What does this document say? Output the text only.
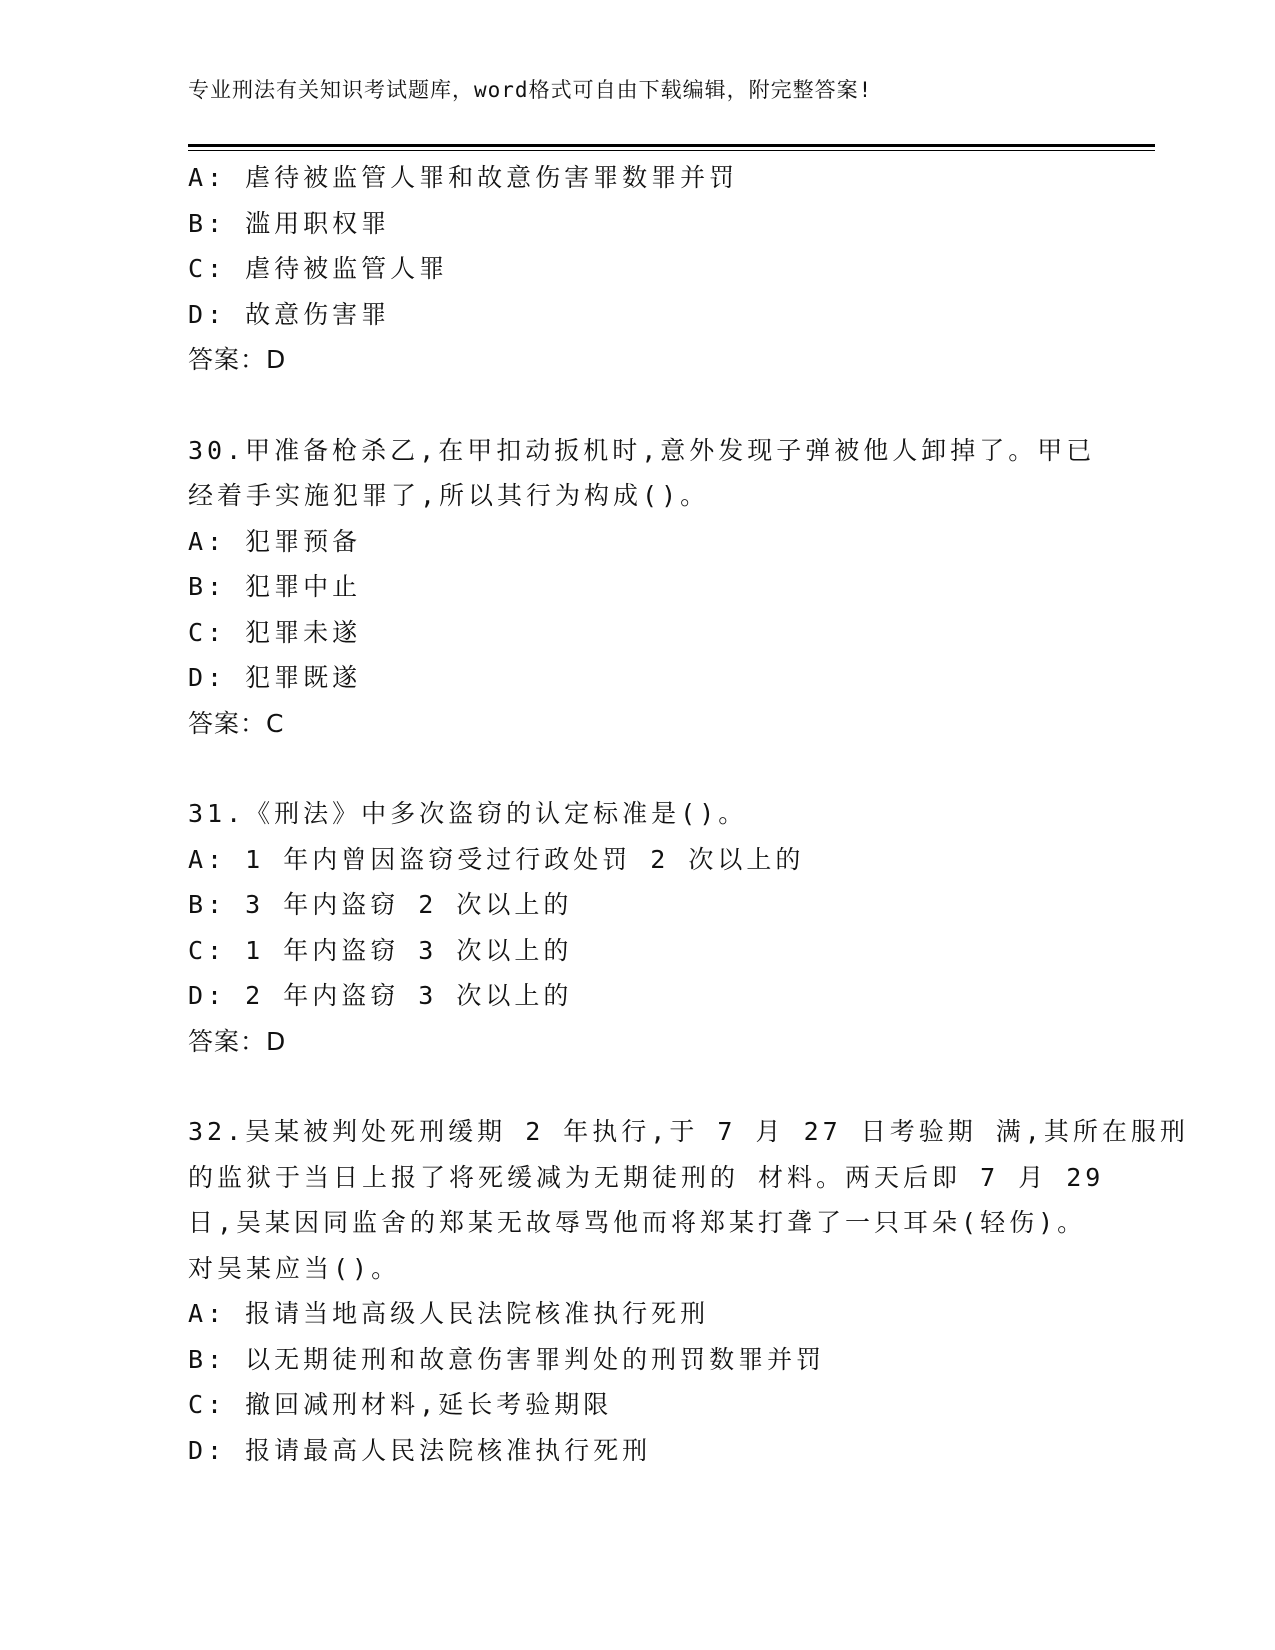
专业刑法有关知识考试题库，word格式可自由下载编辑，附完整答案!
A: 虐待被监管人罪和故意伤害罪数罪并罚
B: 滥用职权罪
C: 虐待被监管人罪
D: 故意伤害罪
答案：D
30.甲准备枪杀乙,在甲扣动扳机时,意外发现子弹被他人卸掉了。甲已
经着手实施犯罪了,所以其行为构成()。
A: 犯罪预备
B: 犯罪中止
C: 犯罪未遂
D: 犯罪既遂
答案：C
31.《刑法》中多次盗窃的认定标准是()。
A: 1 年内曾因盗窃受过行政处罚 2 次以上的
B: 3 年内盗窃 2 次以上的
C: 1 年内盗窃 3 次以上的
D: 2 年内盗窃 3 次以上的
答案：D
32.吴某被判处死刑缓期 2 年执行,于 7 月 27 日考验期 满,其所在服刑
的监狱于当日上报了将死缓减为无期徒刑的 材料。两天后即 7 月 29
日,吴某因同监舍的郑某无故辱骂他而将郑某打聋了一只耳朵(轻伤)。
对吴某应当()。
A: 报请当地高级人民法院核准执行死刑
B: 以无期徒刑和故意伤害罪判处的刑罚数罪并罚
C: 撤回减刑材料,延长考验期限
D: 报请最高人民法院核准执行死刑
